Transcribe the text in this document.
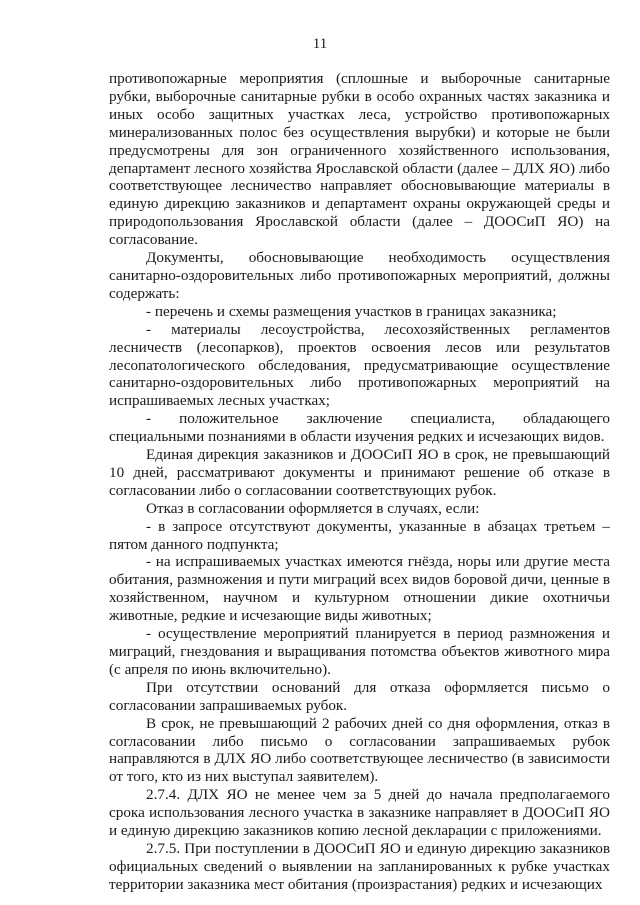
11

противопожарные мероприятия (сплошные и выборочные санитарные рубки, выборочные санитарные рубки в особо охранных частях заказника и иных особо защитных участках леса, устройство противопожарных минерализованных полос без осуществления вырубки) и которые не были предусмотрены для зон ограниченного хозяйственного использования, департамент лесного хозяйства Ярославской области (далее – ДЛХ ЯО) либо соответствующее лесничество направляет обосновывающие материалы в единую дирекцию заказников и департамент охраны окружающей среды и природопользования Ярославской области (далее – ДООСиП ЯО) на согласование.

Документы, обосновывающие необходимость осуществления санитарно-оздоровительных либо противопожарных мероприятий, должны содержать:

- перечень и схемы размещения участков в границах заказника;

- материалы лесоустройства, лесохозяйственных регламентов лесничеств (лесопарков), проектов освоения лесов или результатов лесопатологического обследования, предусматривающие осуществление санитарно-оздоровительных либо противопожарных мероприятий на испрашиваемых лесных участках;

- положительное заключение специалиста, обладающего специальными познаниями в области изучения редких и исчезающих видов.

Единая дирекция заказников и ДООСиП ЯО в срок, не превышающий 10 дней, рассматривают документы и принимают решение об отказе в согласовании либо о согласовании соответствующих рубок.

Отказ в согласовании оформляется в случаях, если:

- в запросе отсутствуют документы, указанные в абзацах третьем – пятом данного подпункта;

- на испрашиваемых участках имеются гнёзда, норы или другие места обитания, размножения и пути миграций всех видов боровой дичи, ценные в хозяйственном, научном и культурном отношении дикие охотничьи животные, редкие и исчезающие виды животных;

- осуществление мероприятий планируется в период размножения и миграций, гнездования и выращивания потомства объектов животного мира (с апреля по июнь включительно).

При отсутствии оснований для отказа оформляется письмо о согласовании запрашиваемых рубок.

В срок, не превышающий 2 рабочих дней со дня оформления, отказ в согласовании либо письмо о согласовании запрашиваемых рубок направляются в ДЛХ ЯО либо соответствующее лесничество (в зависимости от того, кто из них выступал заявителем).

2.7.4. ДЛХ ЯО не менее чем за 5 дней до начала предполагаемого срока использования лесного участка в заказнике направляет в ДООСиП ЯО и единую дирекцию заказников копию лесной декларации с приложениями.

2.7.5. При поступлении в ДООСиП ЯО и единую дирекцию заказников официальных сведений о выявлении на запланированных к рубке участках территории заказника мест обитания (произрастания) редких и исчезающих
